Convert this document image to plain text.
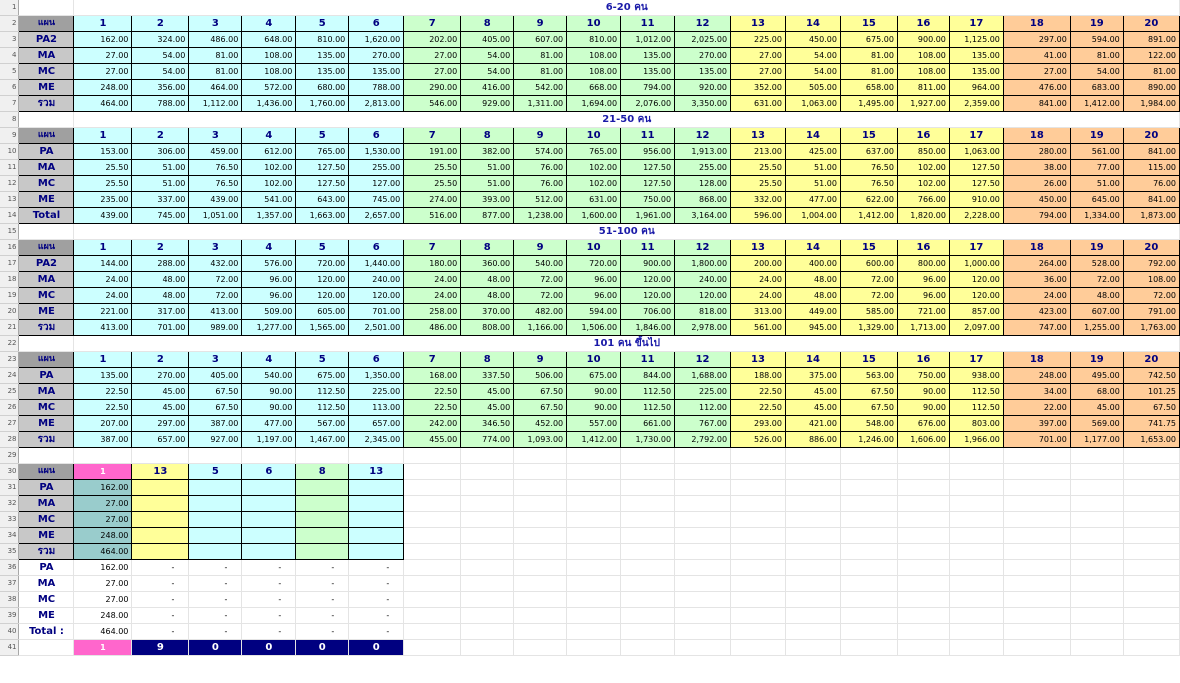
1		6-20 คน																			
2	แผน	1	2	3	4	5	6	7	8	9	10	11	12	13	14	15	16	17	18	19	20
3	PA2	162.00	324.00	486.00	648.00	810.00	1,620.00	202.00	405.00	607.00	810.00	1,012.00	2,025.00	225.00	450.00	675.00	900.00	1,125.00	297.00	594.00	891.00
4	MA	27.00	54.00	81.00	108.00	135.00	270.00	27.00	54.00	81.00	108.00	135.00	270.00	27.00	54.00	81.00	108.00	135.00	41.00	81.00	122.00
5	MC	27.00	54.00	81.00	108.00	135.00	135.00	27.00	54.00	81.00	108.00	135.00	135.00	27.00	54.00	81.00	108.00	135.00	27.00	54.00	81.00
6	ME	248.00	356.00	464.00	572.00	680.00	788.00	290.00	416.00	542.00	668.00	794.00	920.00	352.00	505.00	658.00	811.00	964.00	476.00	683.00	890.00
7	รวม	464.00	788.00	1,112.00	1,436.00	1,760.00	2,813.00	546.00	929.00	1,311.00	1,694.00	2,076.00	3,350.00	631.00	1,063.00	1,495.00	1,927.00	2,359.00	841.00	1,412.00	1,984.00
8		21-50 คน																			
9	แผน	1	2	3	4	5	6	7	8	9	10	11	12	13	14	15	16	17	18	19	20
10	PA	153.00	306.00	459.00	612.00	765.00	1,530.00	191.00	382.00	574.00	765.00	956.00	1,913.00	213.00	425.00	637.00	850.00	1,063.00	280.00	561.00	841.00
11	MA	25.50	51.00	76.50	102.00	127.50	255.00	25.50	51.00	76.00	102.00	127.50	255.00	25.50	51.00	76.50	102.00	127.50	38.00	77.00	115.00
12	MC	25.50	51.00	76.50	102.00	127.50	127.00	25.50	51.00	76.00	102.00	127.50	128.00	25.50	51.00	76.50	102.00	127.50	26.00	51.00	76.00
13	ME	235.00	337.00	439.00	541.00	643.00	745.00	274.00	393.00	512.00	631.00	750.00	868.00	332.00	477.00	622.00	766.00	910.00	450.00	645.00	841.00
14	Total	439.00	745.00	1,051.00	1,357.00	1,663.00	2,657.00	516.00	877.00	1,238.00	1,600.00	1,961.00	3,164.00	596.00	1,004.00	1,412.00	1,820.00	2,228.00	794.00	1,334.00	1,873.00
15		51-100 คน																			
16	แผน	1	2	3	4	5	6	7	8	9	10	11	12	13	14	15	16	17	18	19	20
17	PA2	144.00	288.00	432.00	576.00	720.00	1,440.00	180.00	360.00	540.00	720.00	900.00	1,800.00	200.00	400.00	600.00	800.00	1,000.00	264.00	528.00	792.00
18	MA	24.00	48.00	72.00	96.00	120.00	240.00	24.00	48.00	72.00	96.00	120.00	240.00	24.00	48.00	72.00	96.00	120.00	36.00	72.00	108.00
19	MC	24.00	48.00	72.00	96.00	120.00	120.00	24.00	48.00	72.00	96.00	120.00	120.00	24.00	48.00	72.00	96.00	120.00	24.00	48.00	72.00
20	ME	221.00	317.00	413.00	509.00	605.00	701.00	258.00	370.00	482.00	594.00	706.00	818.00	313.00	449.00	585.00	721.00	857.00	423.00	607.00	791.00
21	รวม	413.00	701.00	989.00	1,277.00	1,565.00	2,501.00	486.00	808.00	1,166.00	1,506.00	1,846.00	2,978.00	561.00	945.00	1,329.00	1,713.00	2,097.00	747.00	1,255.00	1,763.00
22		101 คน ขึ้นไป																			
23	แผน	1	2	3	4	5	6	7	8	9	10	11	12	13	14	15	16	17	18	19	20
24	PA	135.00	270.00	405.00	540.00	675.00	1,350.00	168.00	337.50	506.00	675.00	844.00	1,688.00	188.00	375.00	563.00	750.00	938.00	248.00	495.00	742.50
25	MA	22.50	45.00	67.50	90.00	112.50	225.00	22.50	45.00	67.50	90.00	112.50	225.00	22.50	45.00	67.50	90.00	112.50	34.00	68.00	101.25
26	MC	22.50	45.00	67.50	90.00	112.50	113.00	22.50	45.00	67.50	90.00	112.50	112.00	22.50	45.00	67.50	90.00	112.50	22.00	45.00	67.50
27	ME	207.00	297.00	387.00	477.00	567.00	657.00	242.00	346.50	452.00	557.00	661.00	767.00	293.00	421.00	548.00	676.00	803.00	397.00	569.00	741.75
28	รวม	387.00	657.00	927.00	1,197.00	1,467.00	2,345.00	455.00	774.00	1,093.00	1,412.00	1,730.00	2,792.00	526.00	886.00	1,246.00	1,606.00	1,966.00	701.00	1,177.00	1,653.00
29																					
30	แผน	1	13	5	6	8	13														
31	PA	162.00																			
32	MA	27.00																			
33	MC	27.00																			
34	ME	248.00																			
35	รวม	464.00																			
36	PA	162.00	-	-	-	-	-														
37	MA	27.00	-	-	-	-	-														
38	MC	27.00	-	-	-	-	-														
39	ME	248.00	-	-	-	-	-														
40	Total :	464.00	-	-	-	-	-														
41		1	9	0	0	0	0														
